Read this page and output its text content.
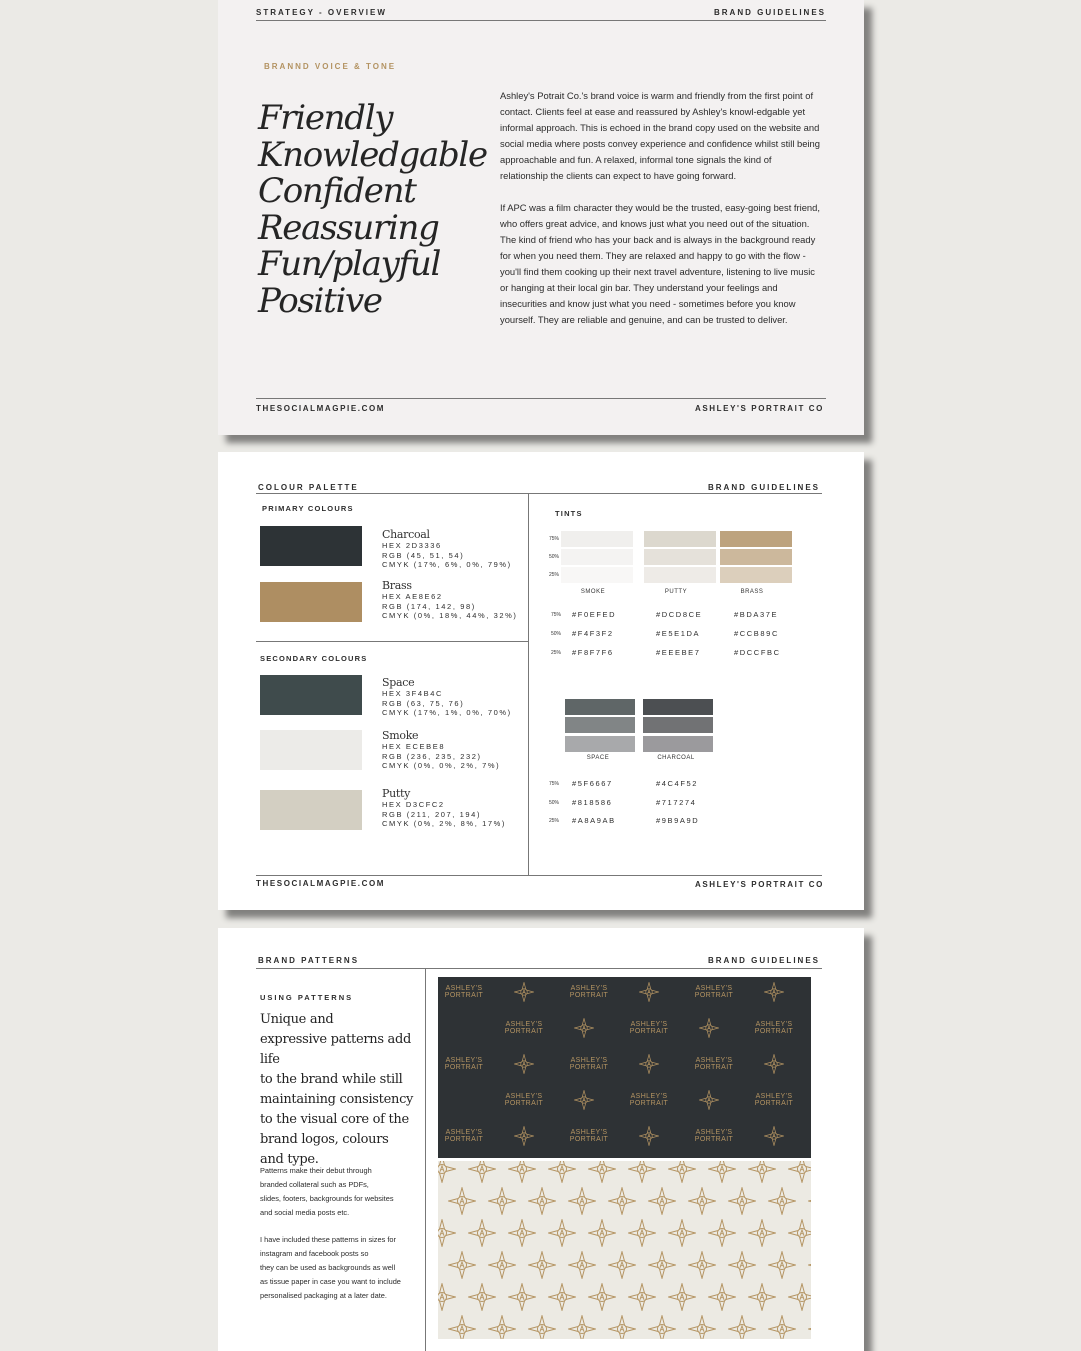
STRATEGY - OVERVIEW	BRAND GUIDELINES
BRANND VOICE & TONE
Friendly
Knowledgable
Confident
Reassuring
Fun/playful
Positive

Ashley's Potrait Co.'s brand voice is warm and friendly from the first point of contact. Clients feel at ease and reassured by Ashley's knowl-edgable yet informal approach. This is echoed in the brand copy used on the website and social media where posts convey experience and confidence whilst still being approachable and fun. A relaxed, informal tone signals the kind of relationship the clients can expect to have going forward.

If APC was a film character they would be the trusted, easy-going best friend, who offers great advice, and knows just what you need out of the situation. The kind of friend who has your back and is always in the background ready for when you need them. They are relaxed and happy to go with the flow - you'll find them cooking up their next travel adventure, listening to live music or hanging at their local gin bar. They understand your feelings and insecurities and know just what you need - sometimes before you know yourself. They are reliable and genuine, and can be trusted to deliver.

THESOCIALMAGPIE.COM	ASHLEY'S PORTRAIT CO
COLOUR PALETTE	BRAND GUIDELINES
PRIMARY COLOURS
Charcoal
HEX 2D3336
RGB (45, 51, 54)
CMYK (17%, 6%, 0%, 79%)
Brass
HEX AE8E62
RGB (174, 142, 98)
CMYK (0%, 18%, 44%, 32%)
SECONDARY COLOURS
Space
HEX 3F4B4C
RGB (63, 75, 76)
CMYK (17%, 1%, 0%, 70%)
Smoke
HEX ECEBE8
RGB (236, 235, 232)
CMYK (0%, 0%, 2%, 7%)
Putty
HEX D3CFC2
RGB (211, 207, 194)
CMYK (0%, 2%, 8%, 17%)
TINTS
75%
50%
25%
SMOKE	PUTTY	BRASS
75% #F0EFED	#DCD8CE	#BDA37E
50% #F4F3F2	#E5E1DA	#CCB89C
25% #F8F7F6	#EEEBE7	#DCCFBC
SPACE	CHARCOAL
75% #5F6667	#4C4F52
50% #818586	#717274
25% #A8A9AB	#9B9A9D
THESOCIALMAGPIE.COM	ASHLEY'S PORTRAIT CO
BRAND PATTERNS	BRAND GUIDELINES
USING PATTERNS
Unique and
expressive patterns add life
to the brand while still
maintaining consistency
to the visual core of the
brand logos, colours
and type.
Patterns make their debut through
branded collateral such as PDFs,
slides, footers, backgrounds for websites
and social media posts etc.
I have included these patterns in sizes for
instagram and facebook posts so
they can be used as backgrounds as well
as tissue paper in case you want to include
personalised packaging at a later date.
ASHLEY'S
PORTRAIT
ASHLEY'S
PORTRAIT
ASHLEY'S
PORTRAIT
ASHLEY'S
PORTRAIT
ASHLEY'S
PORTRAIT
ASHLEY'S
PORTRAIT
ASHLEY'S
PORTRAIT
ASHLEY'S
PORTRAIT
ASHLEY'S
PORTRAIT
ASHLEY'S
PORTRAIT
ASHLEY'S
PORTRAIT
ASHLEY'S
PORTRAIT
ASHLEY'S
PORTRAIT
ASHLEY'S
PORTRAIT
ASHLEY'S
PORTRAIT
